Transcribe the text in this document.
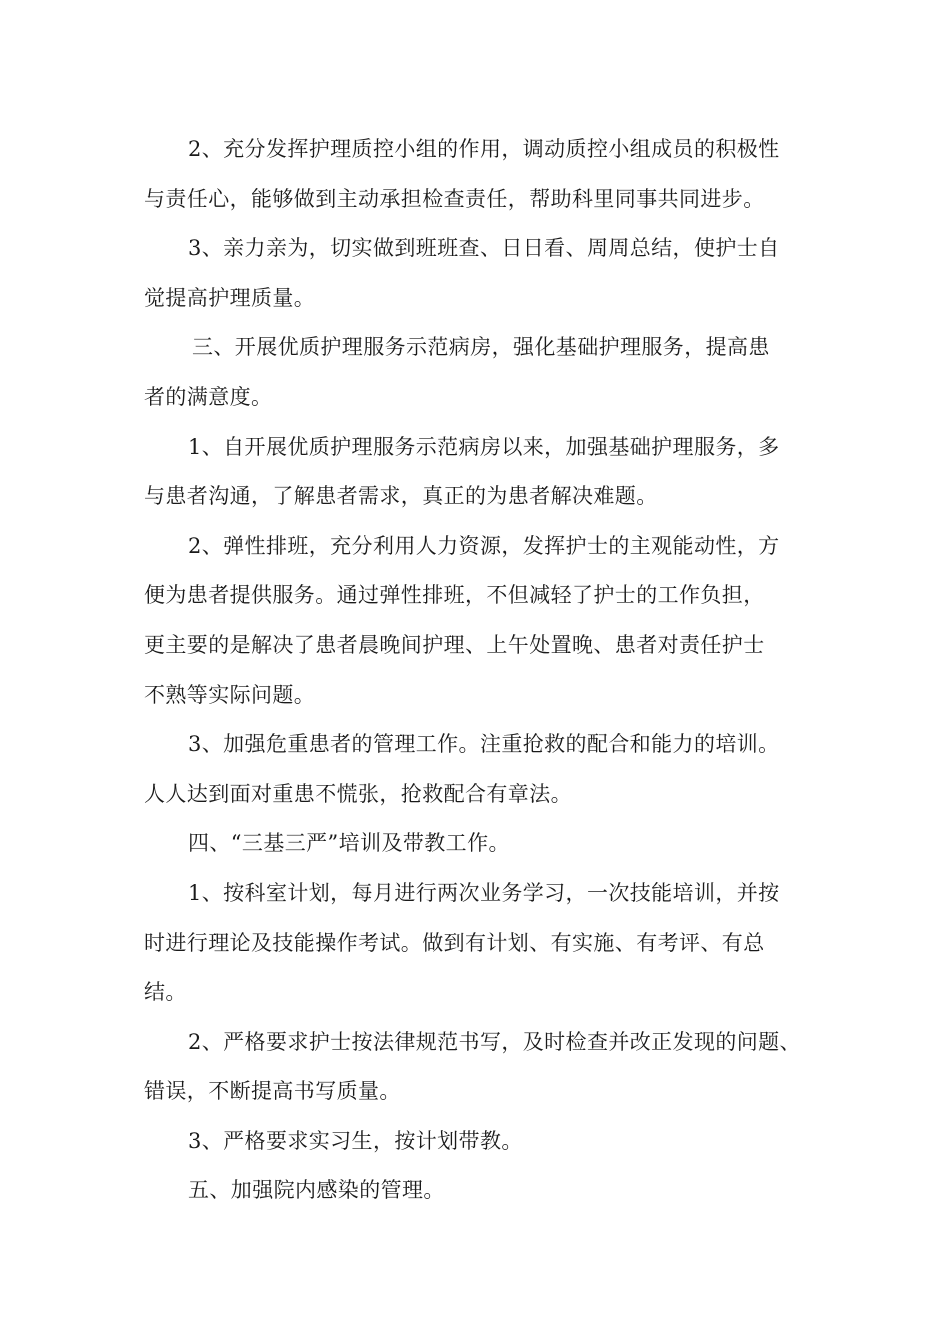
2、充分发挥护理质控小组的作用，调动质控小组成员的积极性
与责任心，能够做到主动承担检查责任，帮助科里同事共同进步。
3、亲力亲为，切实做到班班查、日日看、周周总结，使护士自
觉提高护理质量。
三、开展优质护理服务示范病房，强化基础护理服务，提高患
者的满意度。
1、自开展优质护理服务示范病房以来，加强基础护理服务，多
与患者沟通，了解患者需求，真正的为患者解决难题。
2、弹性排班，充分利用人力资源，发挥护士的主观能动性，方
便为患者提供服务。通过弹性排班，不但减轻了护士的工作负担，
更主要的是解决了患者晨晚间护理、上午处置晚、患者对责任护士
不熟等实际问题。
3、加强危重患者的管理工作。注重抢救的配合和能力的培训。
人人达到面对重患不慌张，抢救配合有章法。
四、“三基三严”培训及带教工作。
1、按科室计划，每月进行两次业务学习，一次技能培训，并按
时进行理论及技能操作考试。做到有计划、有实施、有考评、有总
结。
2、严格要求护士按法律规范书写，及时检查并改正发现的问题、
错误，不断提高书写质量。
3、严格要求实习生，按计划带教。
五、加强院内感染的管理。
